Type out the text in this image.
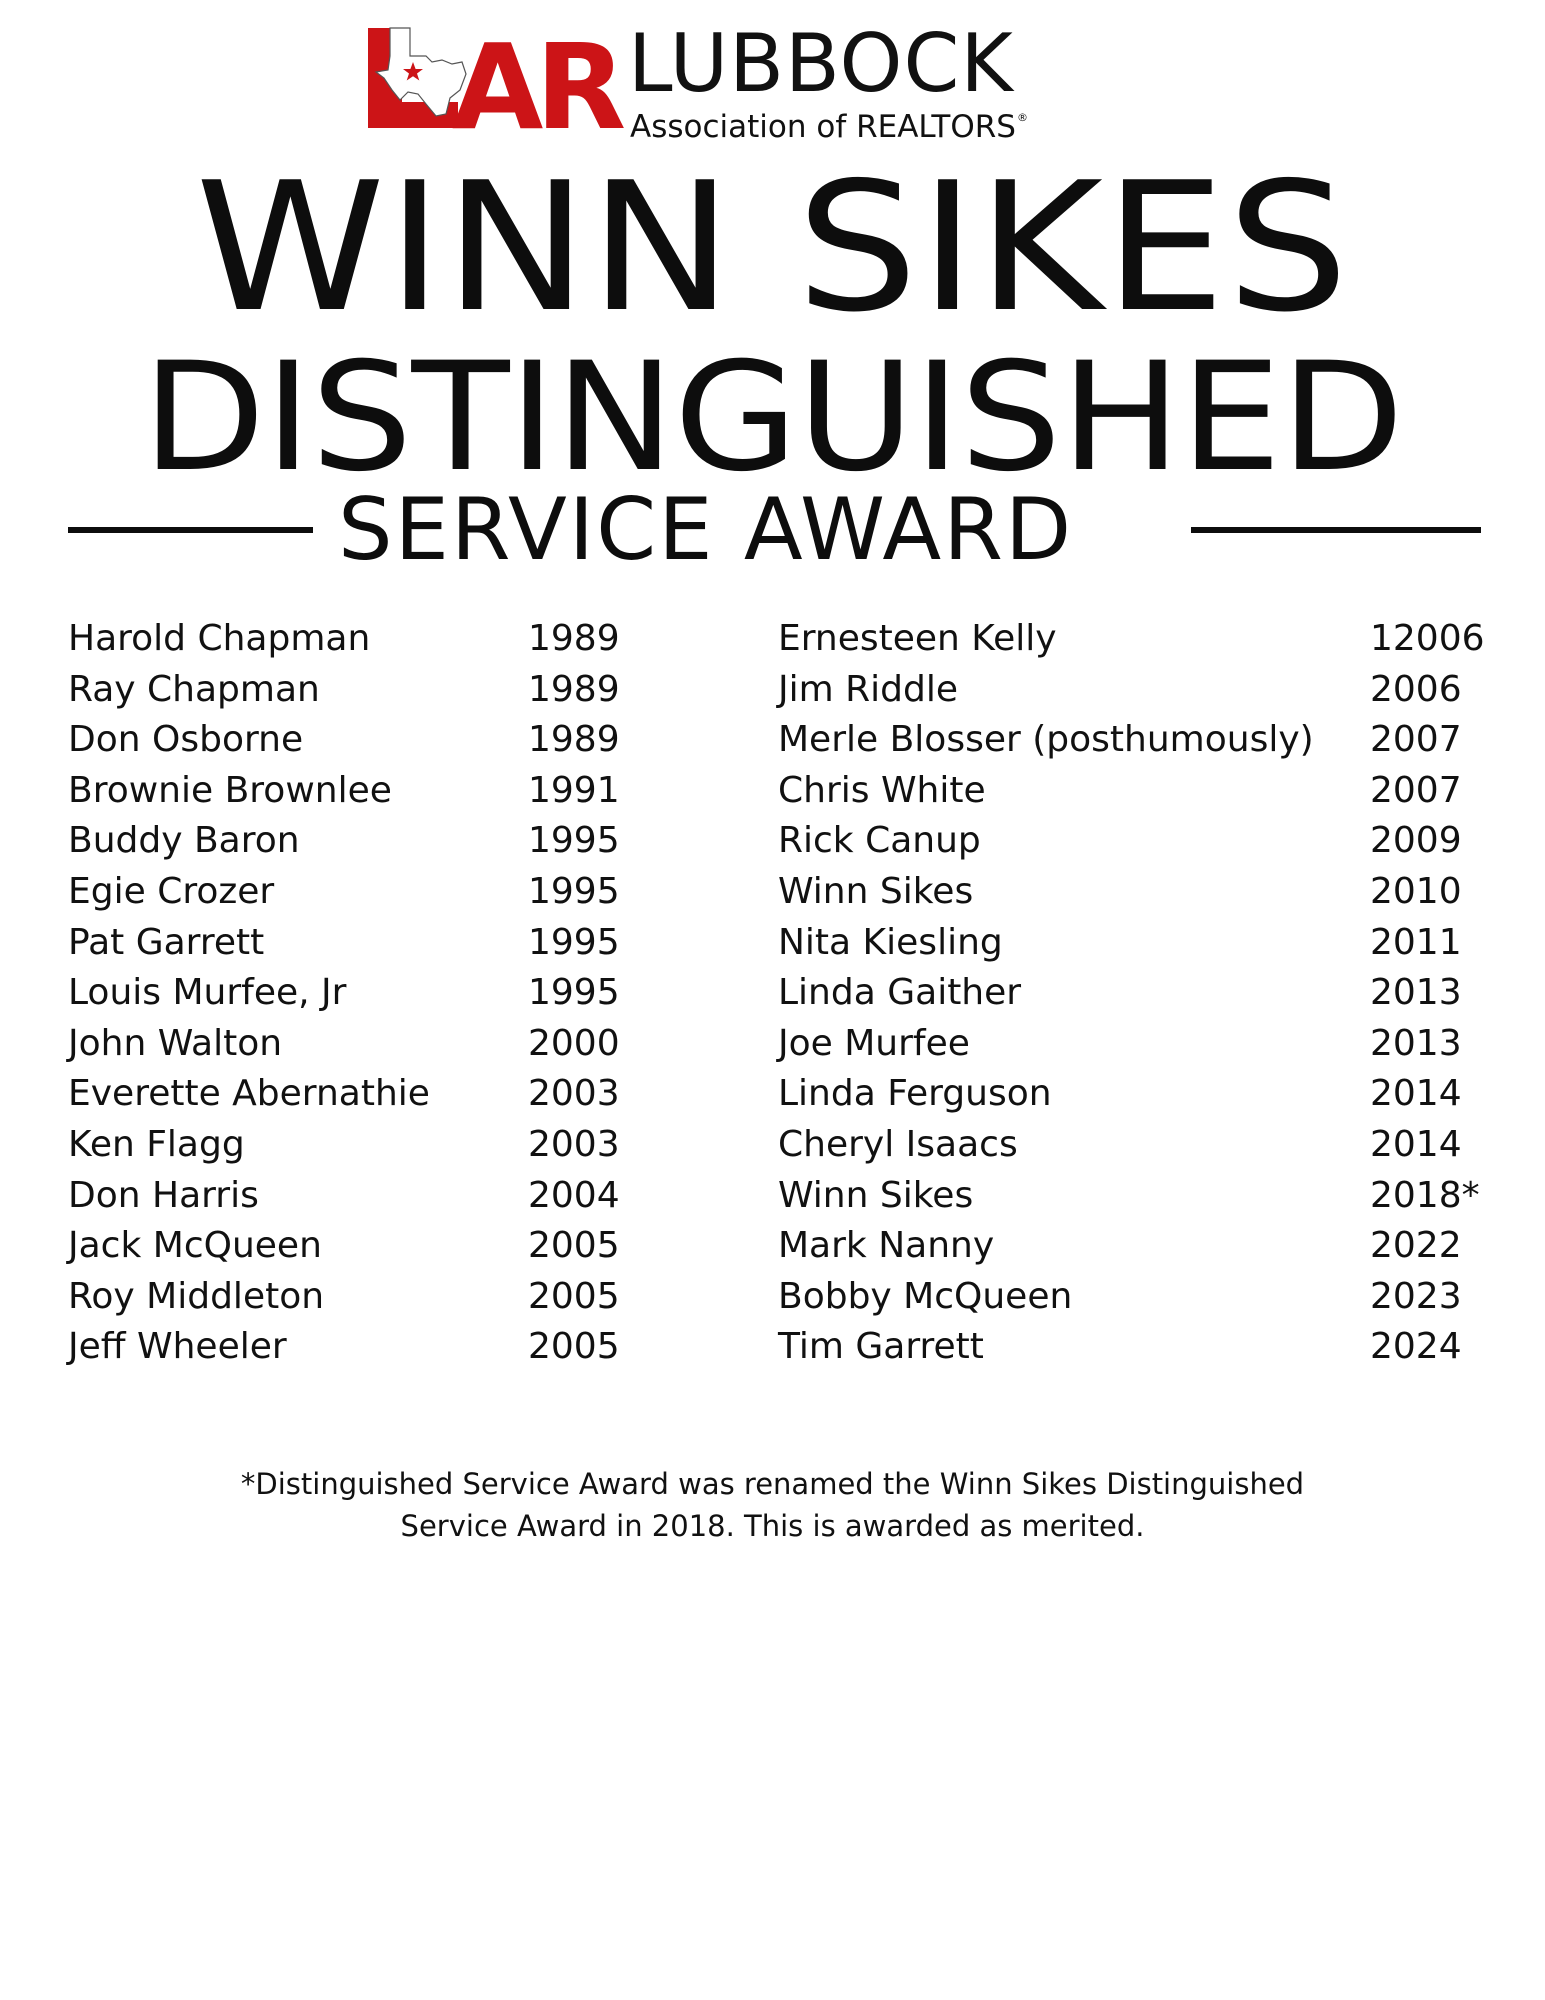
AR LUBBOCK
Association of REALTORS®
WINN SIKES
DISTINGUISHED
SERVICE AWARD
Harold Chapman	1989
Ray Chapman	1989
Don Osborne	1989
Brownie Brownlee	1991
Buddy Baron	1995
Egie Crozer	1995
Pat Garrett	1995
Louis Murfee, Jr	1995
John Walton	2000
Everette Abernathie	2003
Ken Flagg	2003
Don Harris	2004
Jack McQueen	2005
Roy Middleton	2005
Jeff Wheeler	2005
Ernesteen Kelly	12006
Jim Riddle	2006
Merle Blosser (posthumously) 2007
Chris White	2007
Rick Canup	2009
Winn Sikes	2010
Nita Kiesling	2011
Linda Gaither	2013
Joe Murfee	2013
Linda Ferguson	2014
Cheryl Isaacs	2014
Winn Sikes	2018*
Mark Nanny	2022
Bobby McQueen	2023
Tim Garrett	2024
*Distinguished Service Award was renamed the Winn Sikes Distinguished
Service Award in 2018. This is awarded as merited.
